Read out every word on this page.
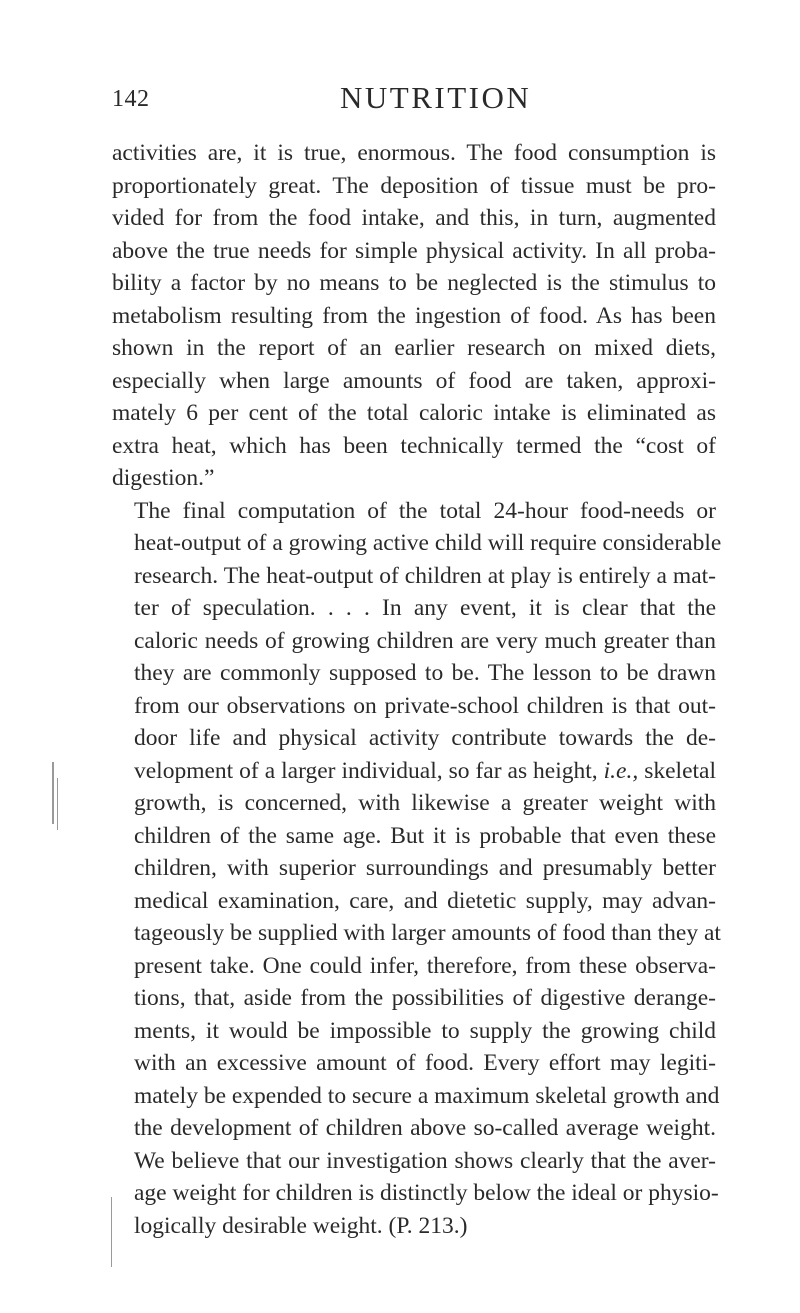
142	NUTRITION
activities are, it is true, enormous. The food consumption is
proportionately great. The deposition of tissue must be pro-
vided for from the food intake, and this, in turn, augmented
above the true needs for simple physical activity. In all proba-
bility a factor by no means to be neglected is the stimulus to
metabolism resulting from the ingestion of food. As has been
shown in the report of an earlier research on mixed diets,
especially when large amounts of food are taken, approxi-
mately 6 per cent of the total caloric intake is eliminated as
extra heat, which has been technically termed the “cost of
digestion.”
The final computation of the total 24-hour food-needs or
heat-output of a growing active child will require considerable
research. The heat-output of children at play is entirely a mat-
ter of speculation. . . . In any event, it is clear that the
caloric needs of growing children are very much greater than
they are commonly supposed to be. The lesson to be drawn
from our observations on private-school children is that out-
door life and physical activity contribute towards the de-
velopment of a larger individual, so far as height, i.e., skeletal
growth, is concerned, with likewise a greater weight with
children of the same age. But it is probable that even these
children, with superior surroundings and presumably better
medical examination, care, and dietetic supply, may advan-
tageously be supplied with larger amounts of food than they at
present take. One could infer, therefore, from these observa-
tions, that, aside from the possibilities of digestive derange-
ments, it would be impossible to supply the growing child
with an excessive amount of food. Every effort may legiti-
mately be expended to secure a maximum skeletal growth and
the development of children above so-called average weight.
We believe that our investigation shows clearly that the aver-
age weight for children is distinctly below the ideal or physio-
logically desirable weight. (P. 213.)
